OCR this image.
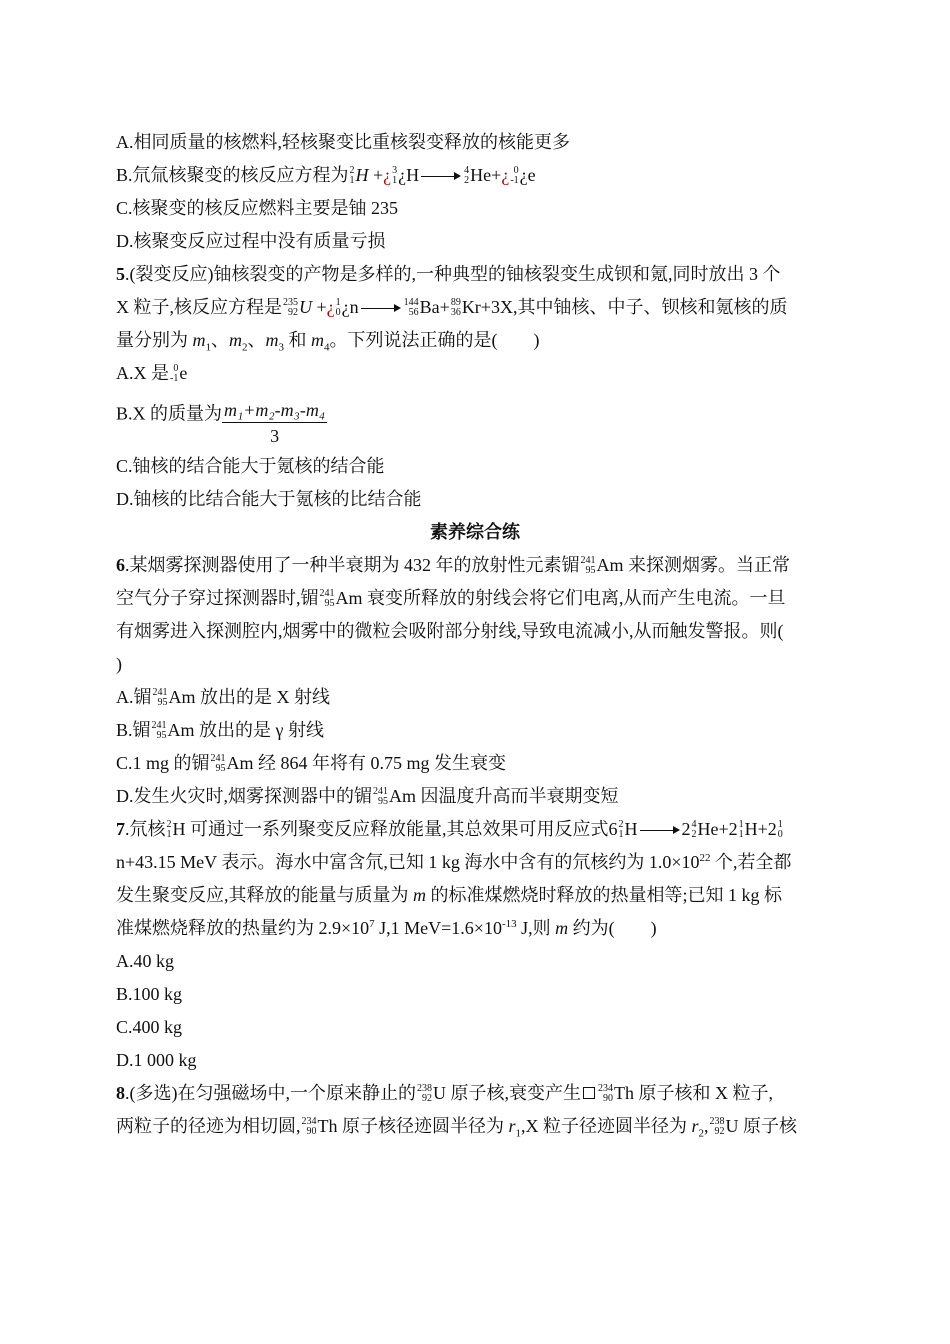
A.相同质量的核燃料,轻核聚变比重核裂变释放的核能更多
B.氘氚核聚变的核反应方程为 2
1 H +¿ 3
1 ¿H	4
2 He+¿ 0
-1 ¿e
C.核聚变的核反应燃料主要是铀 235
D.核聚变反应过程中没有质量亏损
5.(裂变反应)铀核裂变的产物是多样的,一种典型的铀核裂变生成钡和氪,同时放出 3 个
X 粒子,核反应方程是 235
92 U +¿ 1
0 ¿n	144
56 Ba+ 89
36 Kr+3X,其中铀核、中子、钡核和氪核的质
量分别为 $m_1$、$m_2$、$m_3$ 和 $m_4$。下列说法正确的是( )
A.X 是 0
-1 e
B.X 的质量为 $\frac{\text{m₁+m₂-m₃-m₄}}{3}$
C.铀核的结合能大于氪核的结合能
D.铀核的比结合能大于氪核的比结合能
素养综合练
6.某烟雾探测器使用了一种半衰期为 432 年的放射性元素镅 241
95 Am 来探测烟雾。当正常
空气分子穿过探测器时,镅 241
95 Am 衰变所释放的射线会将它们电离,从而产生电流。一旦
有烟雾进入探测腔内,烟雾中的微粒会吸附部分射线,导致电流减小,从而触发警报。则(
)
A.镅 241
95 Am 放出的是 X 射线
B.镅 241
95 Am 放出的是 γ 射线
C.1 mg 的镅 241
95 Am 经 864 年将有 0.75 mg 发生衰变
D.发生火灾时,烟雾探测器中的镅 241
95 Am 因温度升高而半衰期变短
7.氘核 2
1 H 可通过一系列聚变反应释放能量,其总效果可用反应式6 2
1 H 2 4
2 He+2 1
1 H+2 1
0
n+43.15 MeV 表示。海水中富含氘,已知 1 kg 海水中含有的氘核约为 $1.0\times 10^{22}$ 个,若全都
发生聚变反应,其释放的能量与质量为 m 的标准煤燃烧时释放的热量相等;已知 1 kg 标
准煤燃烧释放的热量约为 $2.9\times 10^7$ J,1 $MeV=1.6\times 10^{-13}$ J,则 m 约为( )
A.40 kg
B.100 kg
C.400 kg
D.1 000 kg
8.(多选)在匀强磁场中,一个原来静止的 238
92 U 原子核,衰变产生 234
90 Th 原子核和 X 粒子,
两粒子的径迹为相切圆, 234
90 Th 原子核径迹圆半径为 $r_1,X$ 粒子径迹圆半径为 $r_2$, 238
92 U 原子核
